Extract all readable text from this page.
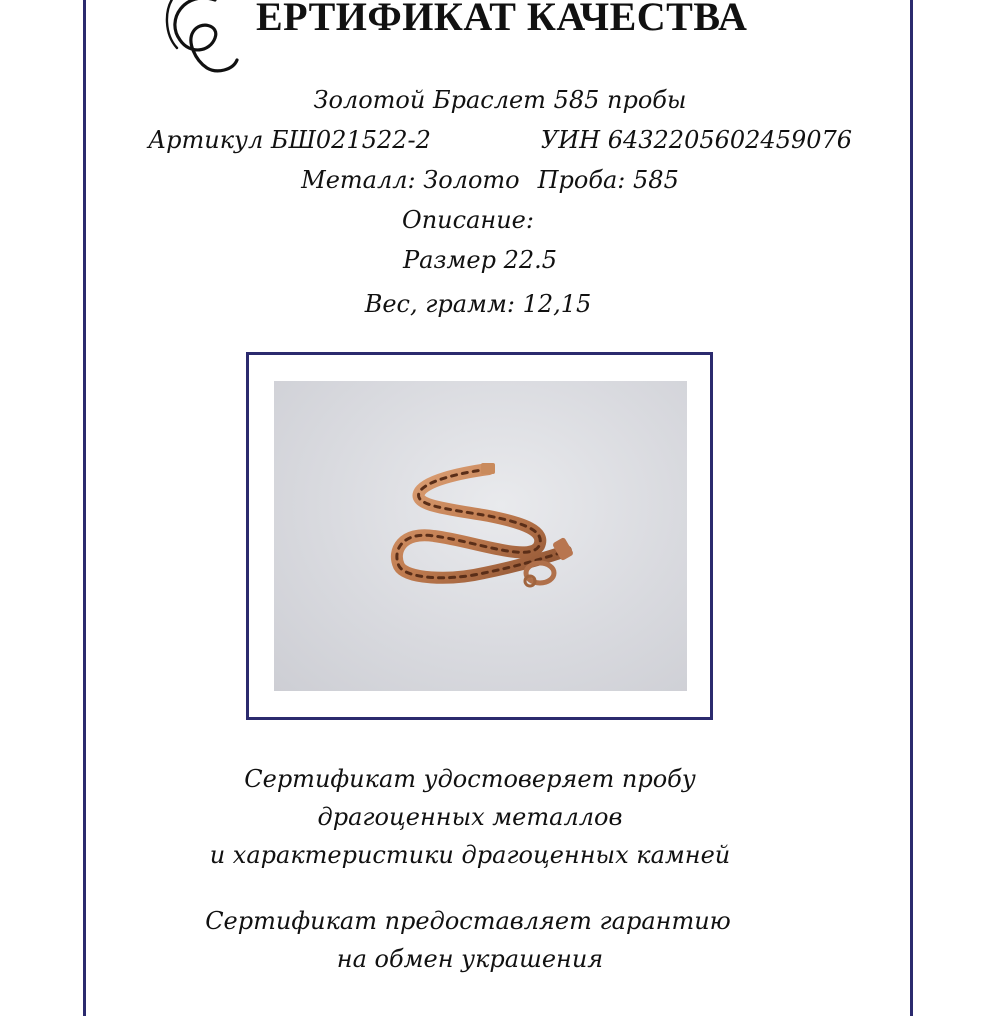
ЕРТИФИКАТ КАЧЕСТВА
Золотой Браслет 585 пробы
Артикул БШ021522-2	УИН 6432205602459076
Металл: Золото Проба: 585
Описание:
Размер 22.5
Вес, грамм: 12,15
Сертификат удостоверяет пробу
драгоценных металлов
и характеристики драгоценных камней
Сертификат предоставляет гарантию
на обмен украшения
